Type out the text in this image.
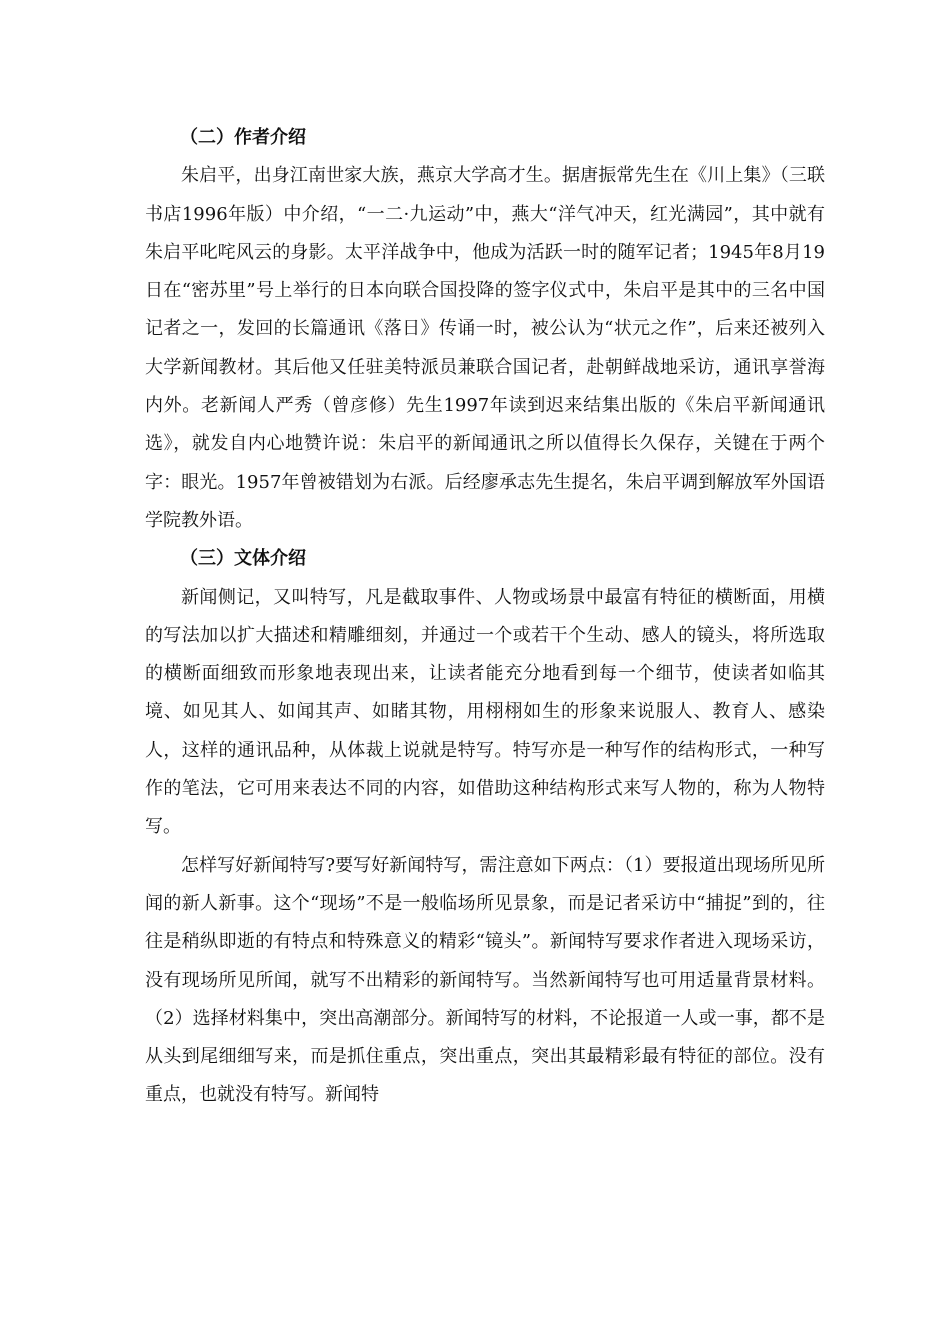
（二）作者介绍

朱启平，出身江南世家大族，燕京大学高才生。据唐振常先生在《川上集》（三联书店1996年版）中介绍，“一二·九运动”中，燕大“洋气冲天，红光满园”，其中就有朱启平叱咤风云的身影。太平洋战争中，他成为活跃一时的随军记者；1945年8月19日在“密苏里”号上举行的日本向联合国投降的签字仪式中，朱启平是其中的三名中国记者之一，发回的长篇通讯《落日》传诵一时，被公认为“状元之作”，后来还被列入大学新闻教材。其后他又任驻美特派员兼联合国记者，赴朝鲜战地采访，通讯享誉海内外。老新闻人严秀（曾彦修）先生1997年读到迟来结集出版的《朱启平新闻通讯选》，就发自内心地赞许说：朱启平的新闻通讯之所以值得长久保存，关键在于两个字：眼光。1957年曾被错划为右派。后经廖承志先生提名，朱启平调到解放军外国语学院教外语。

（三）文体介绍

新闻侧记，又叫特写，凡是截取事件、人物或场景中最富有特征的横断面，用横的写法加以扩大描述和精雕细刻，并通过一个或若干个生动、感人的镜头，将所选取的横断面细致而形象地表现出来，让读者能充分地看到每一个细节，使读者如临其境、如见其人、如闻其声、如睹其物，用栩栩如生的形象来说服人、教育人、感染人，这样的通讯品种，从体裁上说就是特写。特写亦是一种写作的结构形式，一种写作的笔法，它可用来表达不同的内容，如借助这种结构形式来写人物的，称为人物特写。

怎样写好新闻特写?要写好新闻特写，需注意如下两点：（1）要报道出现场所见所闻的新人新事。这个“现场”不是一般临场所见景象，而是记者采访中“捕捉”到的，往往是稍纵即逝的有特点和特殊意义的精彩“镜头”。新闻特写要求作者进入现场采访，没有现场所见所闻，就写不出精彩的新闻特写。当然新闻特写也可用适量背景材料。（2）选择材料集中，突出高潮部分。新闻特写的材料，不论报道一人或一事，都不是从头到尾细细写来，而是抓住重点，突出重点，突出其最精彩最有特征的部位。没有重点，也就没有特写。新闻特
